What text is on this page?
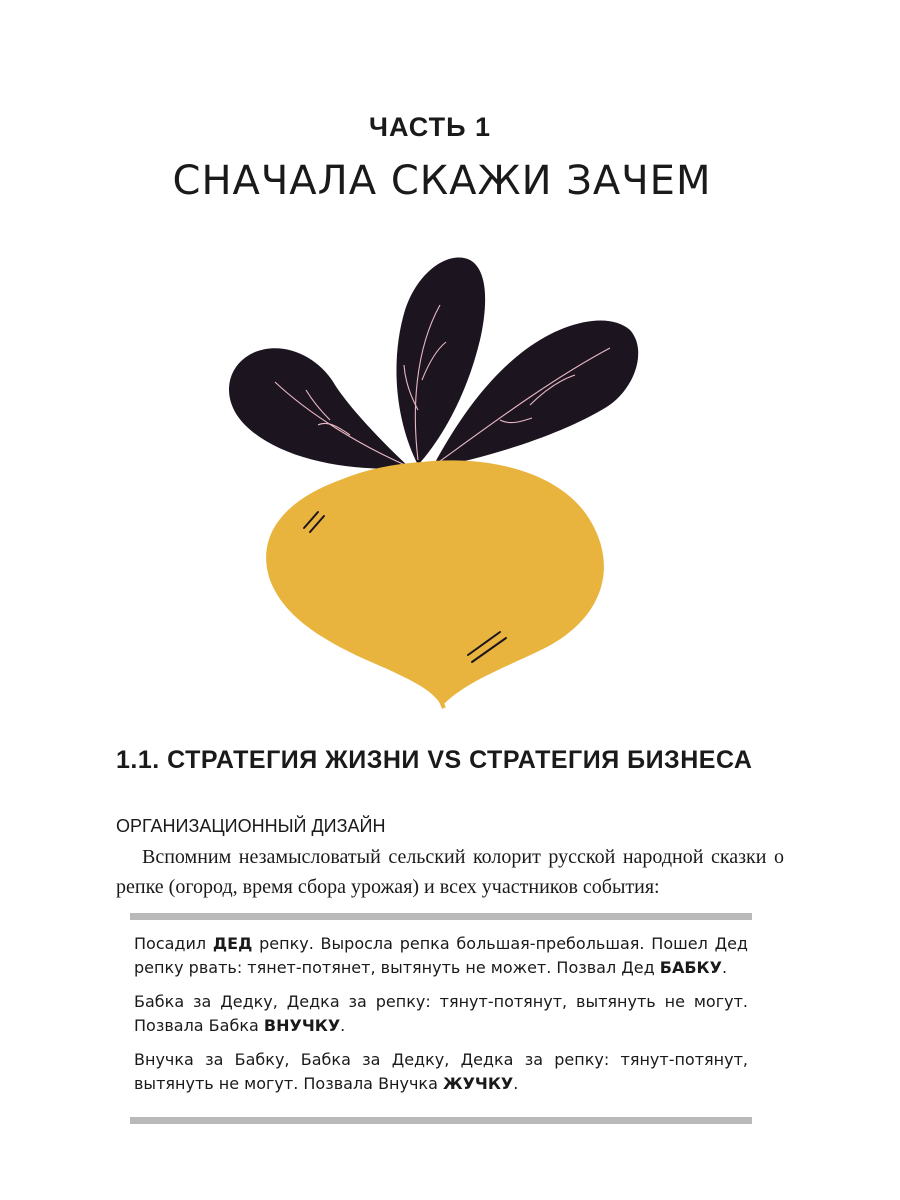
ЧАСТЬ 1
СНАЧАЛА СКАЖИ ЗАЧЕМ
1.1. СТРАТЕГИЯ ЖИЗНИ VS СТРАТЕГИЯ БИЗНЕСА
ОРГАНИЗАЦИОННЫЙ ДИЗАЙН

Вспомним незамысловатый сельский колорит русской народной сказки о репке (огород, время сбора урожая) и всех участников события:

Посадил ДЕД репку. Выросла репка большая-пребольшая. Пошел Дед репку рвать: тянет-потянет, вытянуть не может. Позвал Дед БАБКУ.

Бабка за Дедку, Дедка за репку: тянут-потянут, вытянуть не могут. Позвала Бабка ВНУЧКУ.

Внучка за Бабку, Бабка за Дедку, Дедка за репку: тянут-потянут, вытянуть не могут. Позвала Внучка ЖУЧКУ.
